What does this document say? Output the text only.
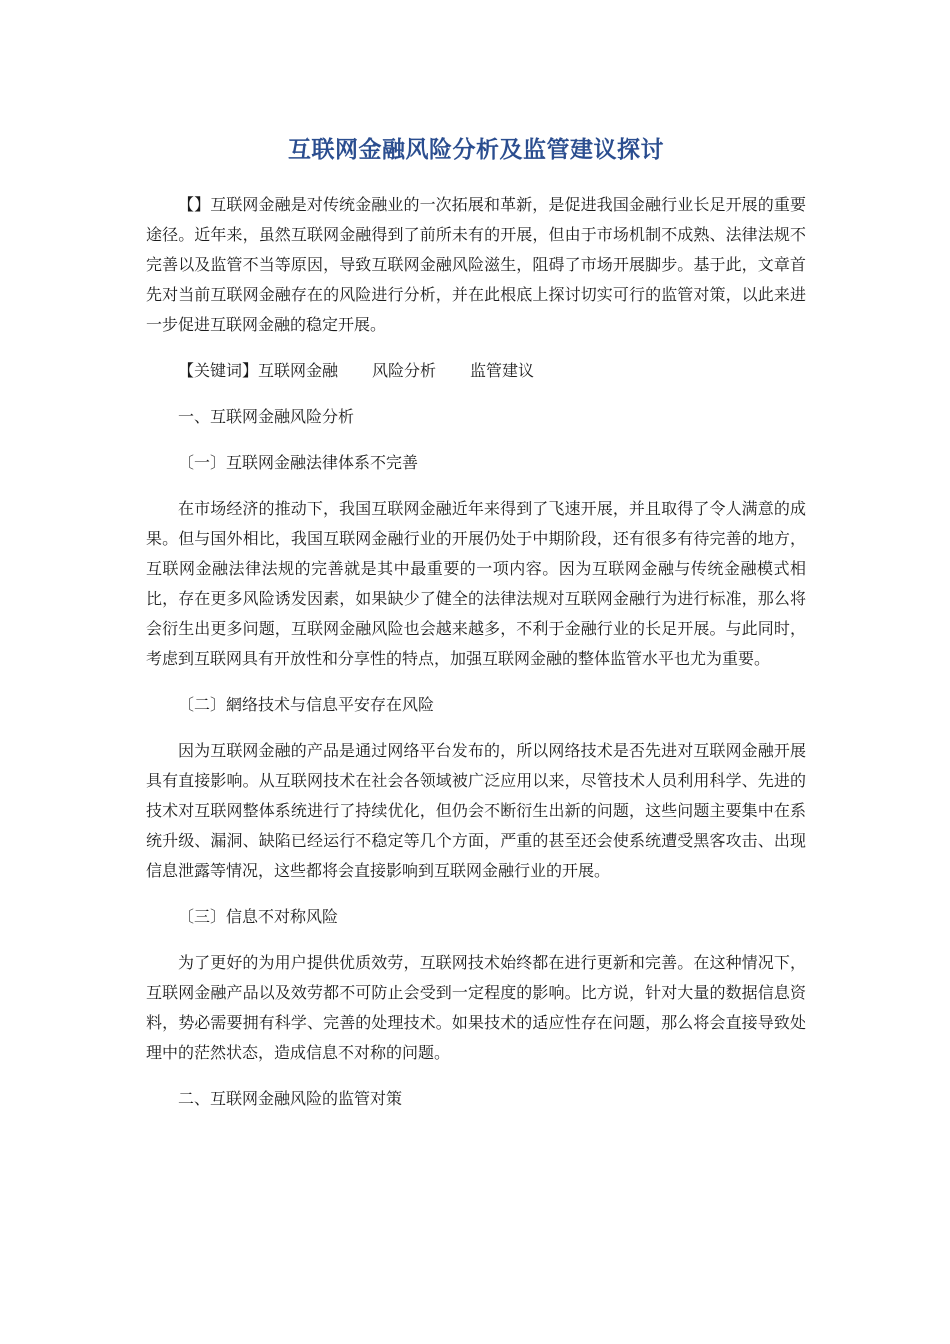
互联网金融风险分析及监管建议探讨

【】互联网金融是对传统金融业的一次拓展和革新，是促进我国金融行业长足开展的重要途径。近年来，虽然互联网金融得到了前所未有的开展，但由于市场机制不成熟、法律法规不完善以及监管不当等原因，导致互联网金融风险滋生，阻碍了市场开展脚步。基于此，文章首先对当前互联网金融存在的风险进行分析，并在此根底上探讨切实可行的监管对策，以此来进一步促进互联网金融的稳定开展。

【关键词】互联网金融 风险分析 监管建议

一、互联网金融风险分析

〔一〕互联网金融法律体系不完善

在市场经济的推动下，我国互联网金融近年来得到了飞速开展，并且取得了令人满意的成果。但与国外相比，我国互联网金融行业的开展仍处于中期阶段，还有很多有待完善的地方，互联网金融法律法规的完善就是其中最重要的一项内容。因为互联网金融与传统金融模式相比，存在更多风险诱发因素，如果缺少了健全的法律法规对互联网金融行为进行标准，那么将会衍生出更多问题，互联网金融风险也会越来越多，不利于金融行业的长足开展。与此同时，考虑到互联网具有开放性和分享性的特点，加强互联网金融的整体监管水平也尤为重要。

〔二〕網络技术与信息平安存在风险

因为互联网金融的产品是通过网络平台发布的，所以网络技术是否先进对互联网金融开展具有直接影响。从互联网技术在社会各领域被广泛应用以来，尽管技术人员利用科学、先进的技术对互联网整体系统进行了持续优化，但仍会不断衍生出新的问题，这些问题主要集中在系统升级、漏洞、缺陷已经运行不稳定等几个方面，严重的甚至还会使系统遭受黑客攻击、出现信息泄露等情况，这些都将会直接影响到互联网金融行业的开展。

〔三〕信息不对称风险

为了更好的为用户提供优质效劳，互联网技术始终都在进行更新和完善。在这种情况下，互联网金融产品以及效劳都不可防止会受到一定程度的影响。比方说，针对大量的数据信息资料，势必需要拥有科学、完善的处理技术。如果技术的适应性存在问题，那么将会直接导致处理中的茫然状态，造成信息不对称的问题。

二、互联网金融风险的监管对策
